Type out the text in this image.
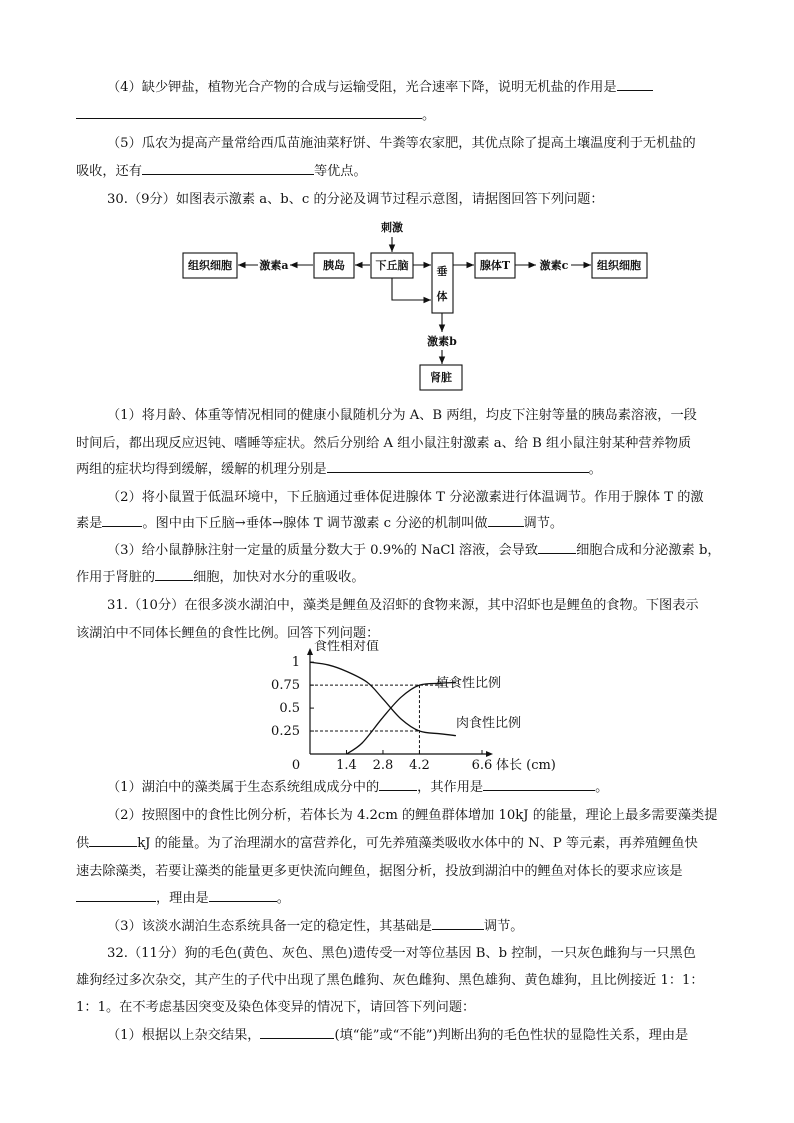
（4）缺少钾盐，植物光合产物的合成与运输受阻，光合速率下降，说明无机盐的作用是
。
（5）瓜农为提高产量常给西瓜苗施油菜籽饼、牛粪等农家肥，其优点除了提高土壤温度利于无机盐的
吸收，还有	等优点。
30.（9分）如图表示激素 a、b、c 的分泌及调节过程示意图，请据图回答下列问题：
刺激
组织细胞 激素a	胰岛	下丘脑	垂
体
腺体T	激素c	组织细胞
激素b
肾脏
（1）将月龄、体重等情况相同的健康小鼠随机分为 A、B 两组，均皮下注射等量的胰岛素溶液，一段
时间后，都出现反应迟钝、嗜睡等症状。然后分别给 A 组小鼠注射激素 a、给 B 组小鼠注射某种营养物质
两组的症状均得到缓解，缓解的机理分别是	。
（2）将小鼠置于低温环境中，下丘脑通过垂体促进腺体 T 分泌激素进行体温调节。作用于腺体 T 的激
素是	。图中由下丘脑→垂体→腺体 T 调节激素 c 分泌的机制叫做	调节。
（3）给小鼠静脉注射一定量的质量分数大于 0.9%的 NaCl 溶液，会导致	细胞合成和分泌激素 b，
作用于肾脏的	细胞，加快对水分的重吸收。
31.（10分）在很多淡水湖泊中，藻类是鲤鱼及沼虾的食物来源，其中沼虾也是鲤鱼的食物。下图表示
该湖泊中不同体长鲤鱼的食性比例。回答下列问题：
食性相对值
体长 (cm)
0
1
0.75
0.5
0.25
1.4 2.8 4.2	6.6
植食性比例
肉食性比例
（1）湖泊中的藻类属于生态系统组成成分中的	，其作用是	。
（2）按照图中的食性比例分析，若体长为 4.2cm 的鲤鱼群体增加 10kJ 的能量，理论上最多需要藻类提
供	kJ 的能量。为了治理湖水的富营养化，可先养殖藻类吸收水体中的 N、P 等元素，再养殖鲤鱼快
速去除藻类，若要让藻类的能量更多更快流向鲤鱼，据图分析，投放到湖泊中的鲤鱼对体长的要求应该是
，理由是	。
（3）该淡水湖泊生态系统具备一定的稳定性，其基础是	调节。
32.（11分）狗的毛色(黄色、灰色、黑色)遗传受一对等位基因 B、b 控制，一只灰色雌狗与一只黑色
雄狗经过多次杂交，其产生的子代中出现了黑色雌狗、灰色雌狗、黑色雄狗、黄色雄狗，且比例接近 1：1：
1：1。在不考虑基因突变及染色体变异的情况下，请回答下列问题：
（1）根据以上杂交结果，	(填“能”或“不能”)判断出狗的毛色性状的显隐性关系，理由是
